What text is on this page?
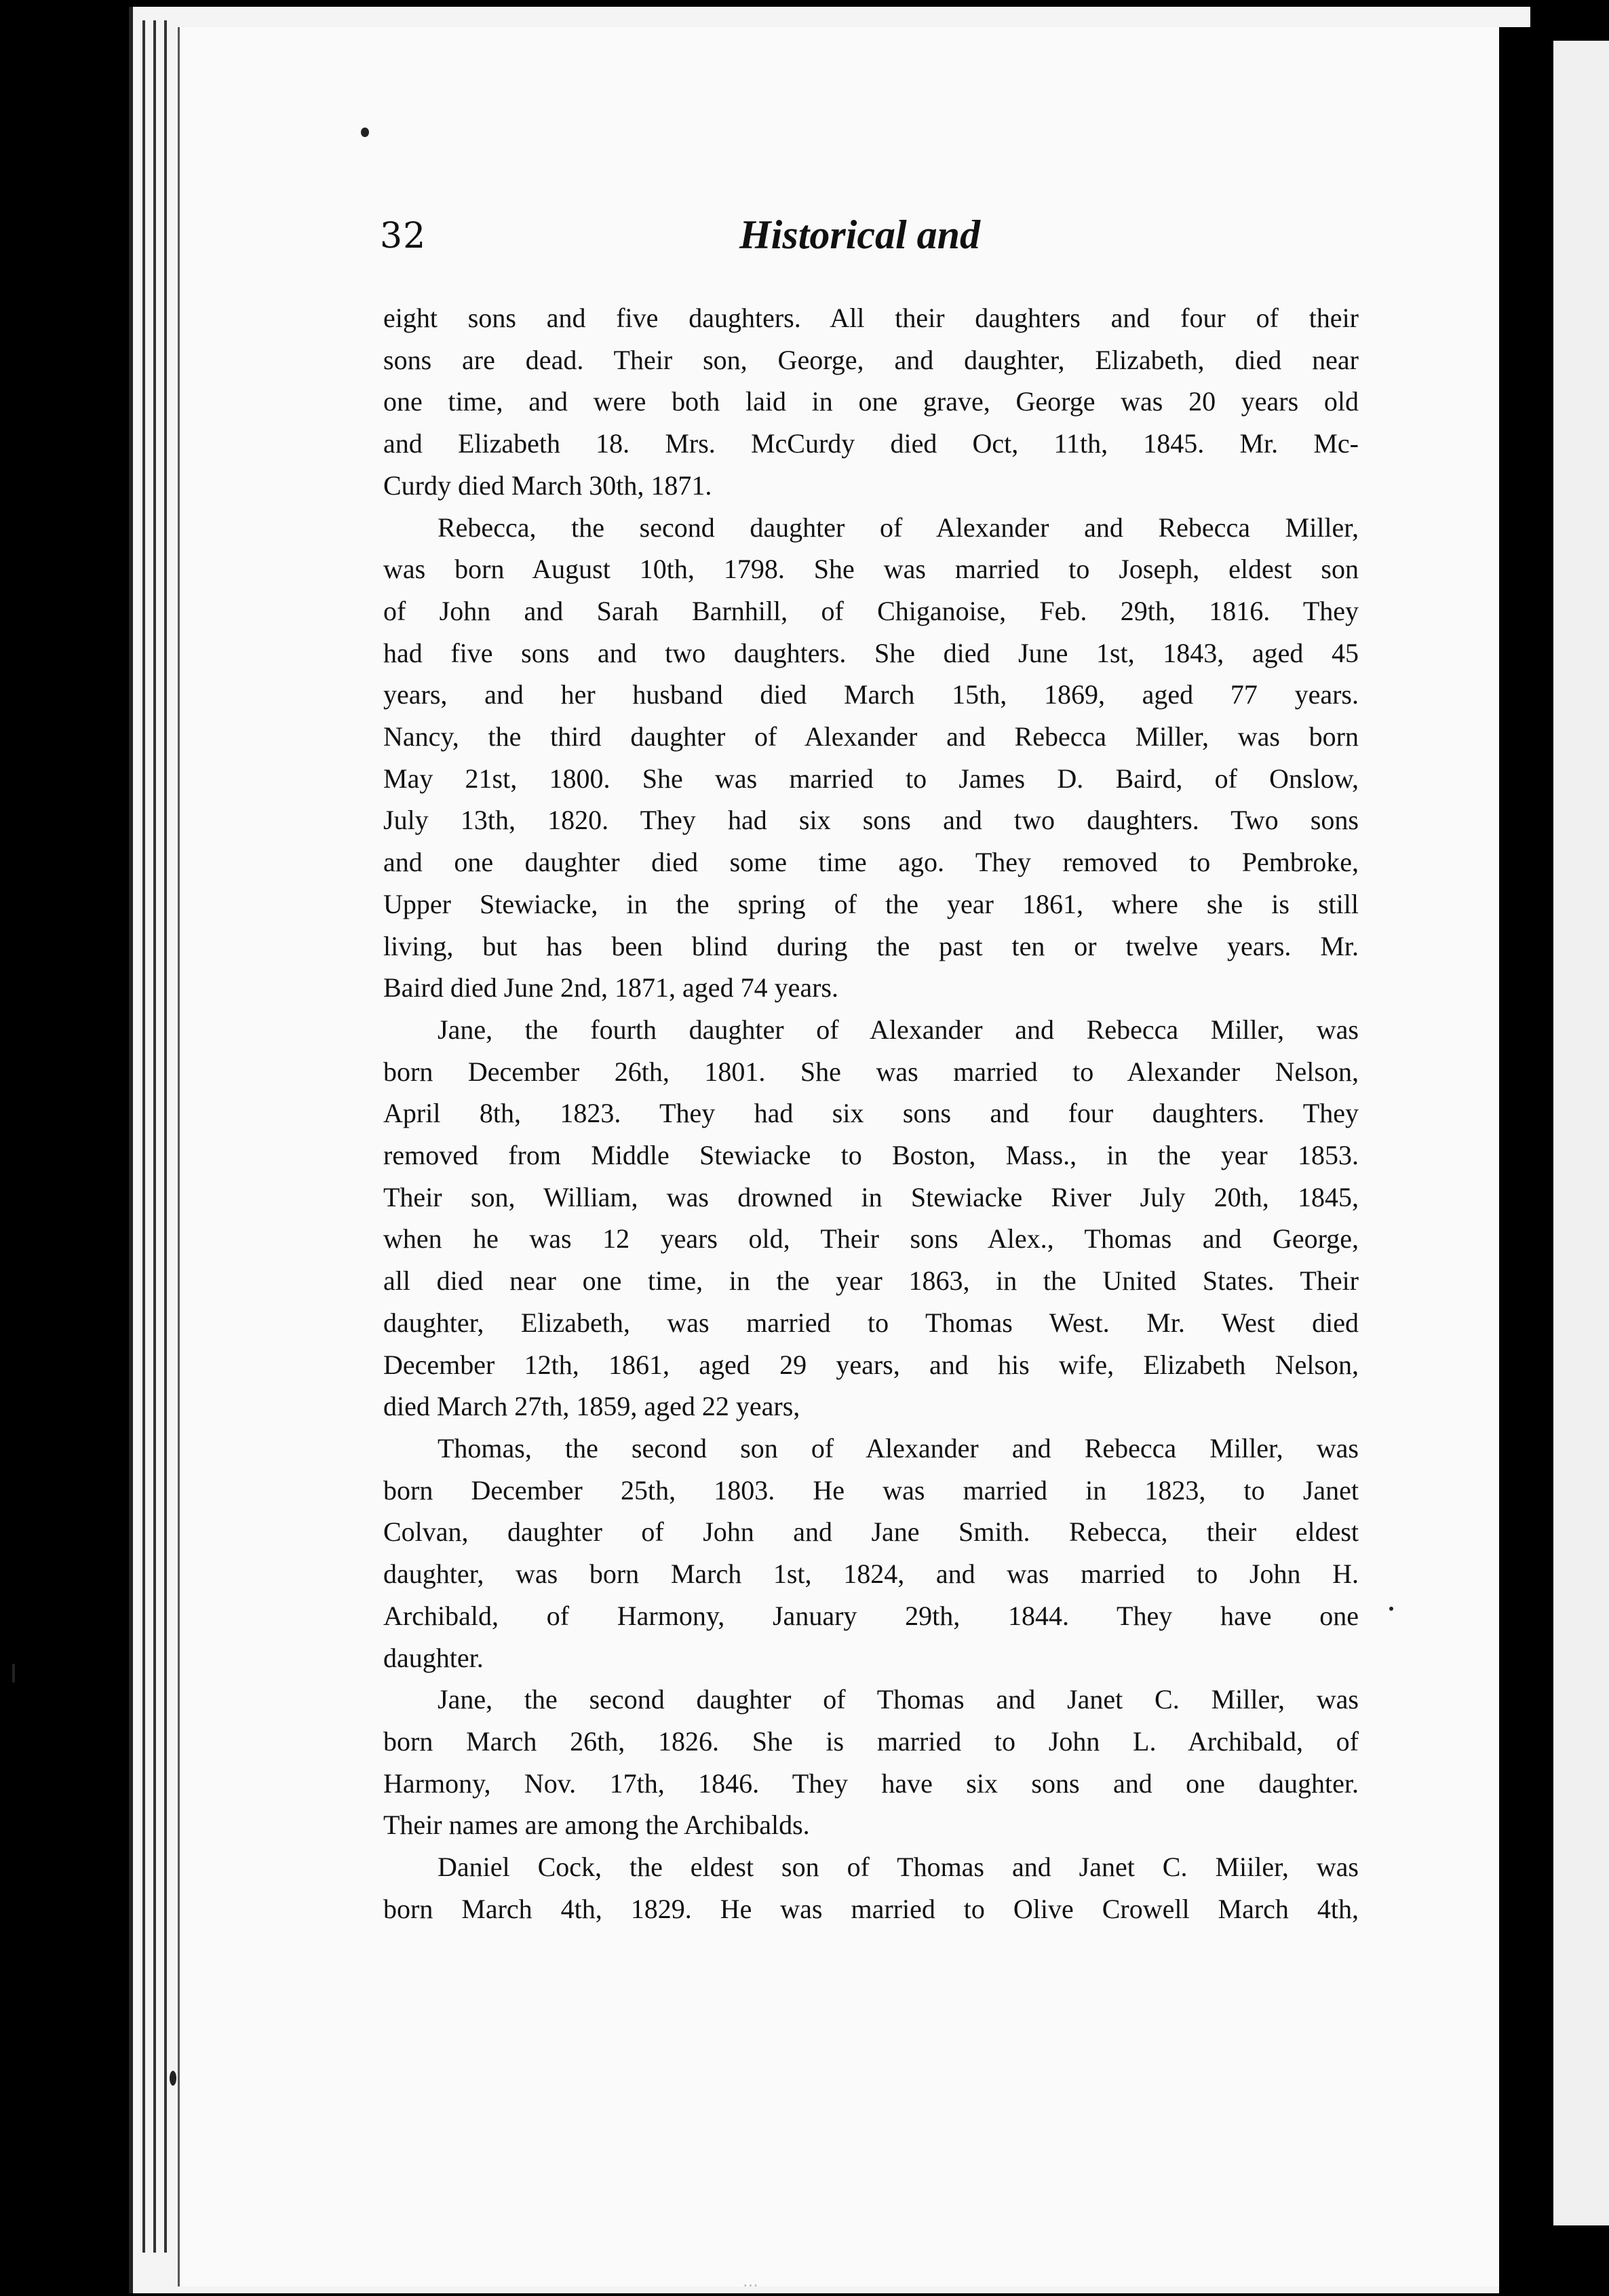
32	Historical and
eight sons and five daughters. All their daughters and four of their
sons are dead. Their son, George, and daughter, Elizabeth, died near
one time, and were both laid in one grave, George was 20 years old
and Elizabeth 18. Mrs. McCurdy died Oct, 11th, 1845. Mr. Mc-
Curdy died March 30th, 1871.
Rebecca, the second daughter of Alexander and Rebecca Miller,
was born August 10th, 1798. She was married to Joseph, eldest son
of John and Sarah Barnhill, of Chiganoise, Feb. 29th, 1816. They
had five sons and two daughters. She died June 1st, 1843, aged 45
years, and her husband died March 15th, 1869, aged 77 years.
Nancy, the third daughter of Alexander and Rebecca Miller, was born
May 21st, 1800. She was married to James D. Baird, of Onslow,
July 13th, 1820. They had six sons and two daughters. Two sons
and one daughter died some time ago. They removed to Pembroke,
Upper Stewiacke, in the spring of the year 1861, where she is still
living, but has been blind during the past ten or twelve years. Mr.
Baird died June 2nd, 1871, aged 74 years.
Jane, the fourth daughter of Alexander and Rebecca Miller, was
born December 26th, 1801. She was married to Alexander Nelson,
April 8th, 1823. They had six sons and four daughters. They
removed from Middle Stewiacke to Boston, Mass., in the year 1853.
Their son, William, was drowned in Stewiacke River July 20th, 1845,
when he was 12 years old, Their sons Alex., Thomas and George,
all died near one time, in the year 1863, in the United States. Their
daughter, Elizabeth, was married to Thomas West. Mr. West died
December 12th, 1861, aged 29 years, and his wife, Elizabeth Nelson,
died March 27th, 1859, aged 22 years,
Thomas, the second son of Alexander and Rebecca Miller, was
born December 25th, 1803. He was married in 1823, to Janet
Colvan, daughter of John and Jane Smith. Rebecca, their eldest
daughter, was born March 1st, 1824, and was married to John H.
Archibald, of Harmony, January 29th, 1844. They have one
daughter.
Jane, the second daughter of Thomas and Janet C. Miller, was
born March 26th, 1826. She is married to John L. Archibald, of
Harmony, Nov. 17th, 1846. They have six sons and one daughter.
Their names are among the Archibalds.
Daniel Cock, the eldest son of Thomas and Janet C. Miiler, was
born March 4th, 1829. He was married to Olive Crowell March 4th,
···
